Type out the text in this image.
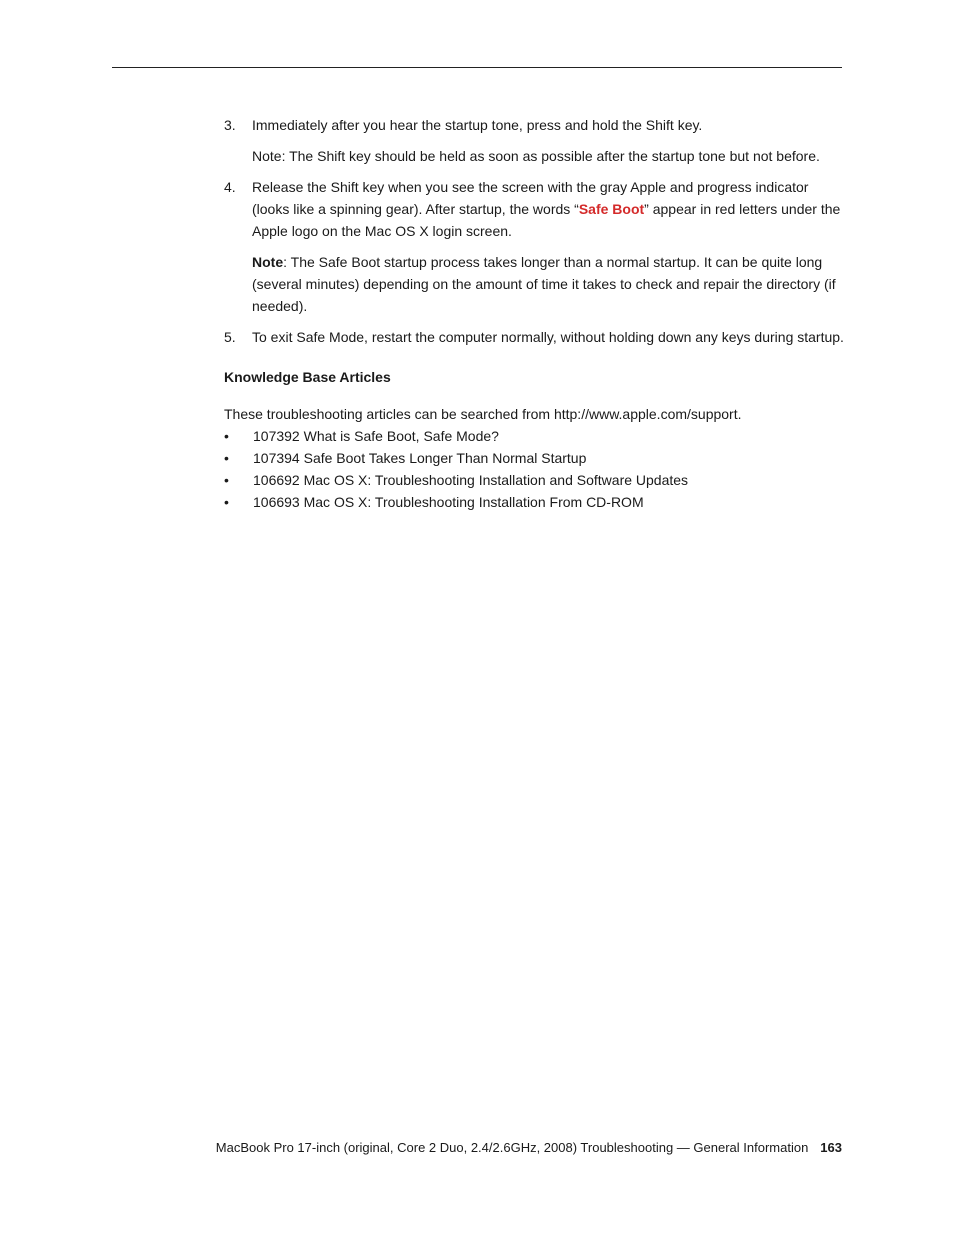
3. Immediately after you hear the startup tone, press and hold the Shift key.
Note: The Shift key should be held as soon as possible after the startup tone but not before.
4. Release the Shift key when you see the screen with the gray Apple and progress indicator (looks like a spinning gear). After startup, the words “Safe Boot” appear in red letters under the Apple logo on the Mac OS X login screen.
Note: The Safe Boot startup process takes longer than a normal startup. It can be quite long (several minutes) depending on the amount of time it takes to check and repair the directory (if needed).
5. To exit Safe Mode, restart the computer normally, without holding down any keys during startup.
Knowledge Base Articles
These troubleshooting articles can be searched from http://www.apple.com/support.
• 107392 What is Safe Boot, Safe Mode?
• 107394 Safe Boot Takes Longer Than Normal Startup
• 106692 Mac OS X: Troubleshooting Installation and Software Updates
• 106693 Mac OS X: Troubleshooting Installation From CD-ROM
MacBook Pro 17-inch (original, Core 2 Duo, 2.4/2.6GHz, 2008) Troubleshooting — General Information 163
